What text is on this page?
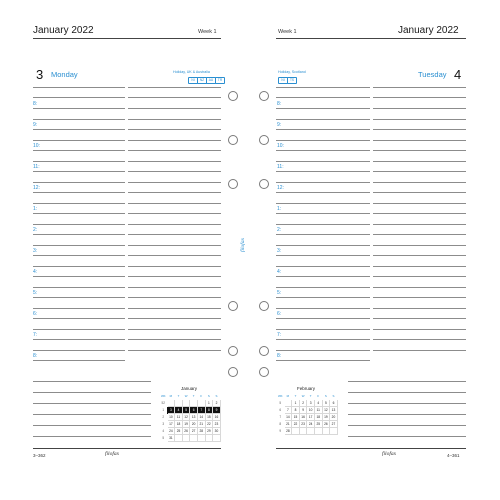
January 2022	Week 1
3 Monday	Holiday, UK & Australia
NI	NZ	AU	TR
Week 1	January 2022
Holiday, Scotland
NI	TS
Tuesday 4
8:
9:
10:
11:
12:
1:
2:
3:
4:
5:
6:
7:
8:
8:
9:
10:
11:
12:
1:
2:
3:
4:
5:
6:
7:
8:
filofax
January
WK	M	T	W	T	F	S	S
52						1	2
1	3	4	5	6	7	8	9
2	10	11	12	13	14	15	16
3	17	18	19	20	21	22	23
4	24	25	26	27	28	29	30
5	31						
February
WK	M	T	W	T	F	S	S
5		1	2	3	4	5	6
6	7	8	9	10	11	12	13
7	14	15	16	17	18	19	20
8	21	22	23	24	25	26	27
9	28						
3–362	filofax	filofax	4–361
